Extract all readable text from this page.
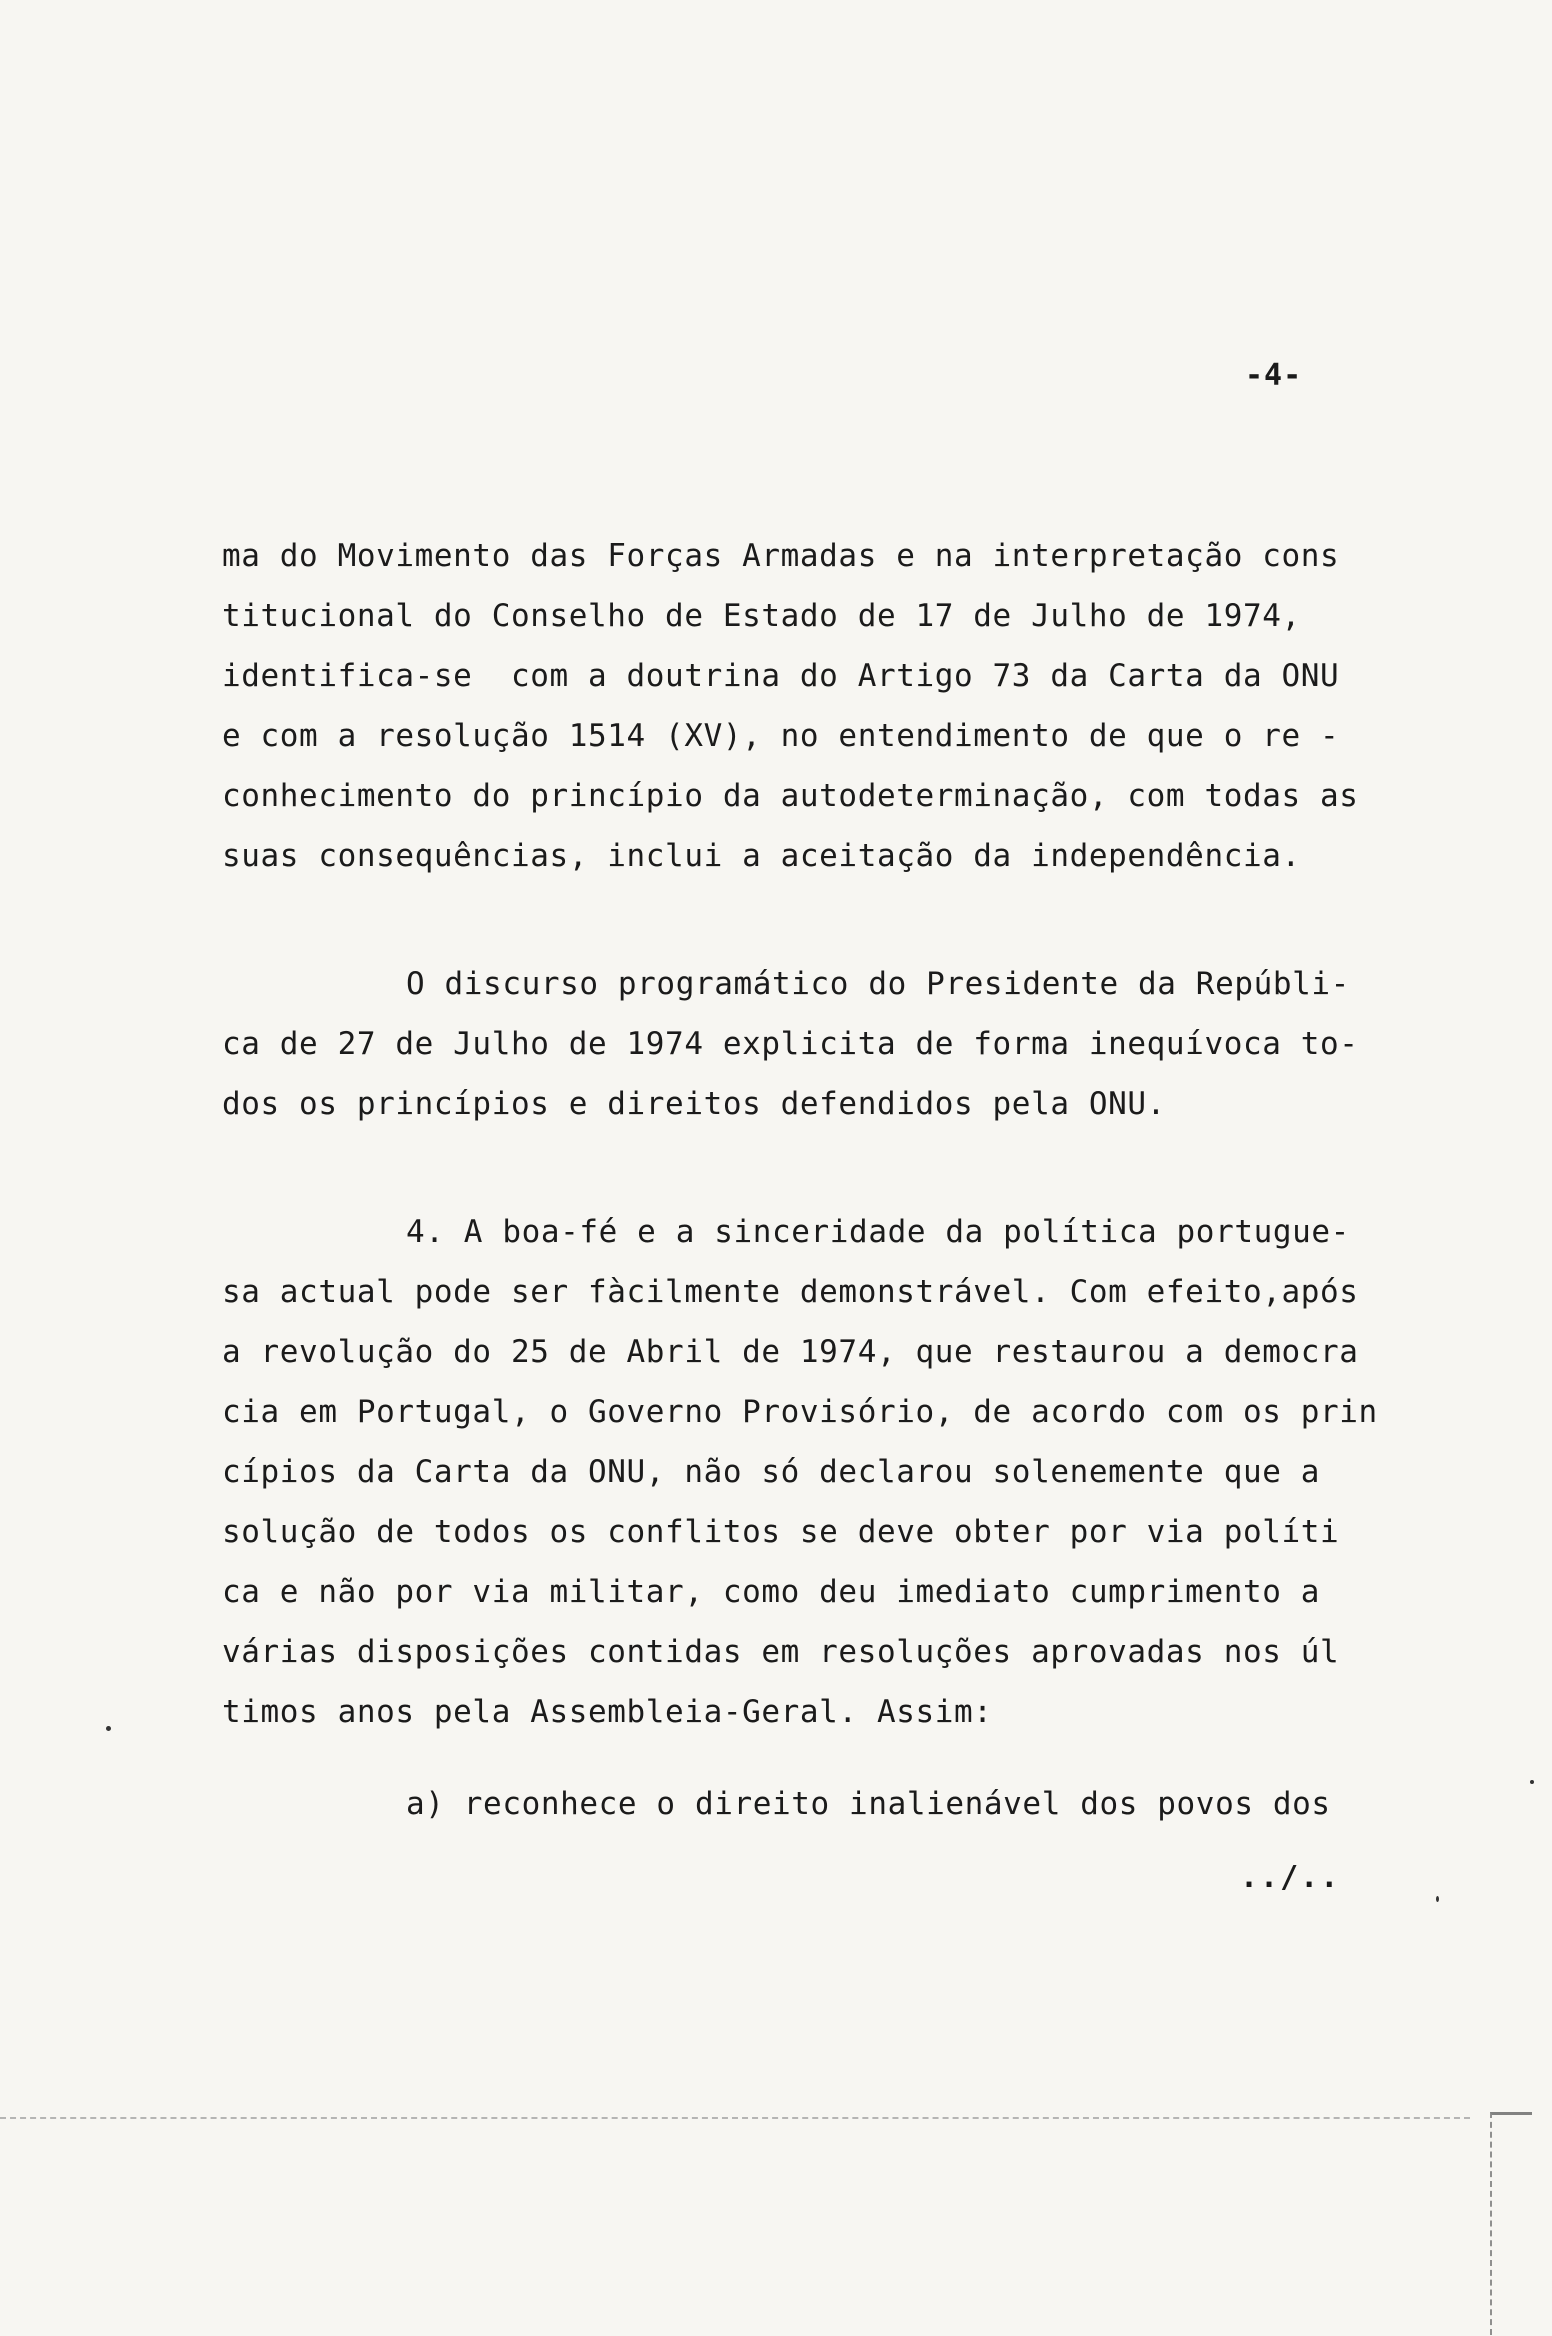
-4-
ma do Movimento das Forças Armadas e na interpretação cons
titucional do Conselho de Estado de 17 de Julho de 1974,
identifica-se  com a doutrina do Artigo 73 da Carta da ONU
e com a resolução 1514 (XV), no entendimento de que o re -
conhecimento do princípio da autodeterminação, com todas as
suas consequências, inclui a aceitação da independência.
O discurso programático do Presidente da Repúbli-
ca de 27 de Julho de 1974 explicita de forma inequívoca to-
dos os princípios e direitos defendidos pela ONU.
4. A boa-fé e a sinceridade da política portugue-
sa actual pode ser fàcilmente demonstrável. Com efeito,após
a revolução do 25 de Abril de 1974, que restaurou a democra
cia em Portugal, o Governo Provisório, de acordo com os prin
cípios da Carta da ONU, não só declarou solenemente que a
solução de todos os conflitos se deve obter por via políti
ca e não por via militar, como deu imediato cumprimento a
várias disposições contidas em resoluções aprovadas nos úl
timos anos pela Assembleia-Geral. Assim:
a) reconhece o direito inalienável dos povos dos
../..
